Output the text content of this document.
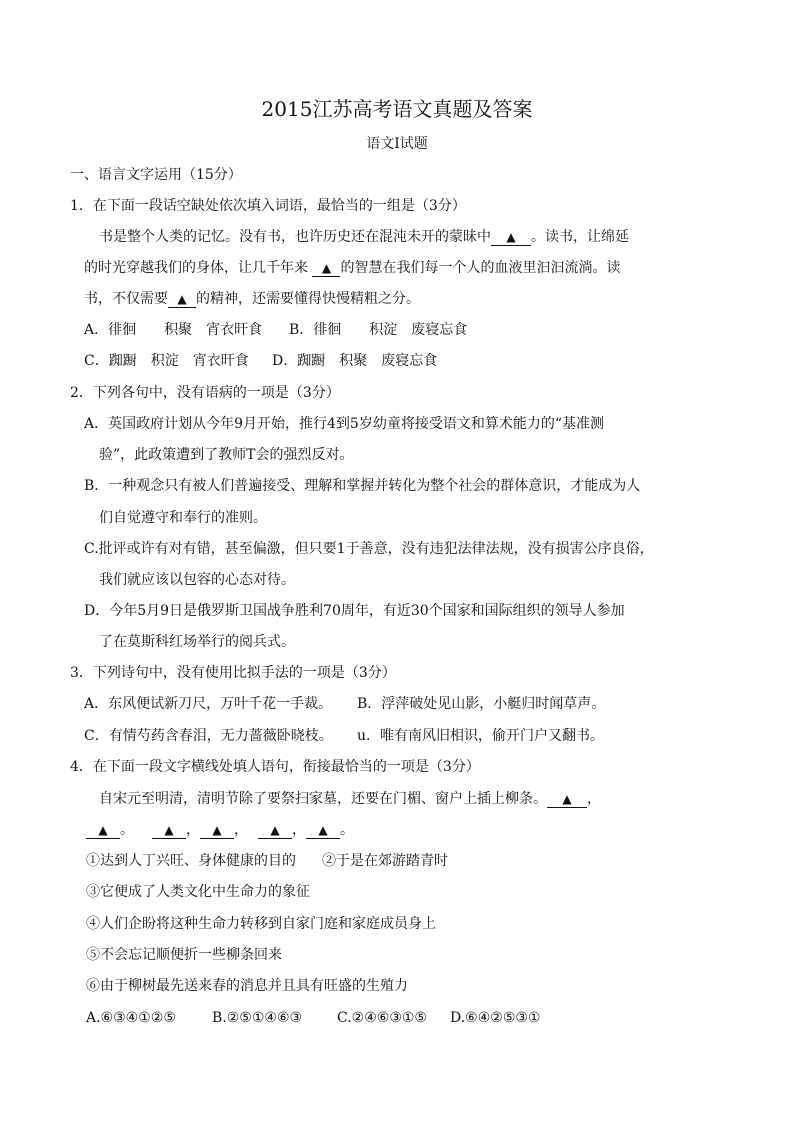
2015江苏高考语文真题及答案
语文Ⅰ试题
一、语言文字运用（15分）
1．在下面一段话空缺处依次填入词语，最恰当的一组是（3分）
书是整个人类的记忆。没有书，也许历史还在混沌未开的蒙昧中 ▲ 。读书，让绵延
的时光穿越我们的身体，让几千年来 ▲ 的智慧在我们每一个人的血液里汩汩流淌。读
书，不仅需要 ▲ 的精神，还需要懂得快慢精粗之分。
A．徘徊　　积聚　宵衣旰食 B．徘徊　　积淀　废寝忘食
C．踟蹰　积淀　宵衣旰食 D．踟蹰　积聚　废寝忘食
2．下列各句中，没有语病的一项是（3分）
A．英国政府计划从今年9月开始，推行4到5岁幼童将接受语文和算术能力的“基准测
验”，此政策遭到了教师Τ会的强烈反对。
B．一种观念只有被人们普遍接受、理解和掌握并转化为整个社会的群体意识，才能成为人
们自觉遵守和奉行的准则。
C.批评或许有对有错，甚至偏激，但只要1于善意，没有违犯法律法规，没有损害公序良俗，
我们就应该以包容的心态对待。
D．今年5月9日是俄罗斯卫国战争胜利70周年，有近30个国家和国际组织的领导人参加
了在莫斯科红场举行的阅兵式。
3．下列诗句中，没有使用比拟手法的一项是（3分）
A．东风便试新刀尺，万叶千花一手裁。 B．浮萍破处见山影，小艇归时闻草声。
C．有情芍药含春泪，无力蔷薇卧晓枝。 u．唯有南风旧相识，偷开门户又翻书。
4．在下面一段文字横线处填人语句，衔接最恰当的一项是（3分）
自宋元至明清，清明节除了要祭扫家墓，还要在门楣、窗户上插上柳条。 ▲ ，
▲ 。	▲ ， ▲ ， ▲ ， ▲ 。
①达到人丁兴旺、身体健康的目的 ②于是在郊游踏青时
③它便成了人类文化中生命力的象征
④人们企盼将这种生命力转移到自家门庭和家庭成员身上
⑤不会忘记顺便折一些柳条回来
⑥由于柳树最先送来春的消息并且具有旺盛的生殖力
A.⑥③④①②⑤	B.②⑤①④⑥③ C.②④⑥③①⑤ D.⑥④②⑤③①
